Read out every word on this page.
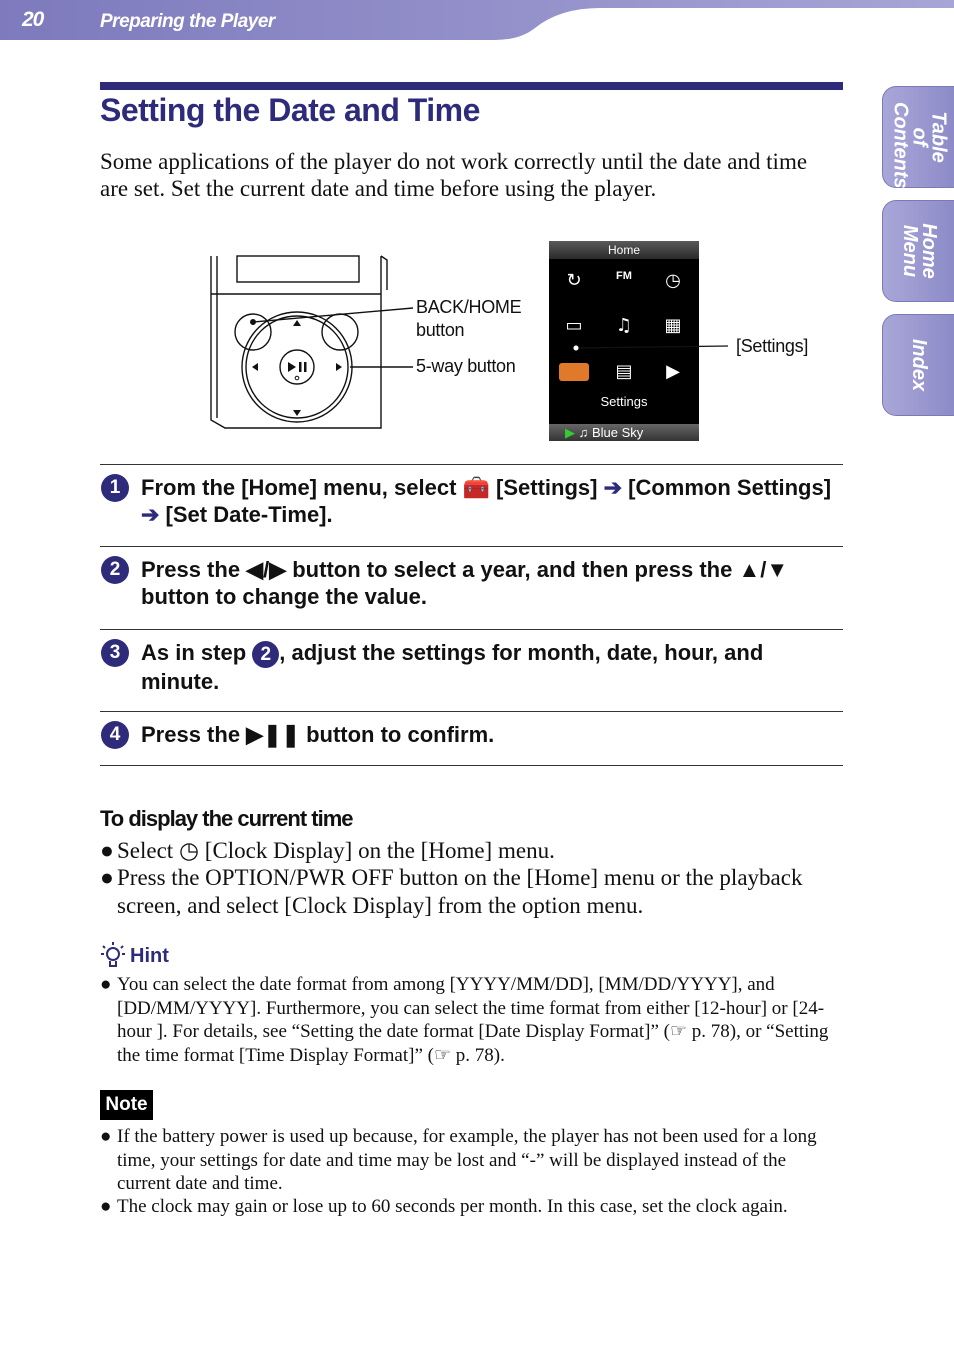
20	Preparing the Player
Table of Contents
Home Menu
Index
Setting the Date and Time
Some applications of the player do not work correctly until the date and time are set. Set the current date and time before using the player.
BACK/HOME
button
5-way button
Home
↻	FM ◷
▭ ♫ ▦
▤ ▶
Settings
▶ ♫ Blue Sky
[Settings]
1 From the [Home] menu, select 🧰 [Settings] ➔ [Common Settings]
➔ [Set Date-Time].
2 Press the ◀/▶ button to select a year, and then press the ▲/▼
button to change the value.
3 As in step 2 , adjust the settings for month, date, hour, and
minute.
4 Press the ▶❚❚ button to confirm.
To display the current time
● Select ◷ [Clock Display] on the [Home] menu.
● Press the OPTION/PWR OFF button on the [Home] menu or the playback screen, and select [Clock Display] from the option menu.
Hint
● You can select the date format from among [YYYY/MM/DD], [MM/DD/YYYY], and [DD/MM/YYYY]. Furthermore, you can select the time format from either [12-hour] or [24-hour ]. For details, see “Setting the date format [Date Display Format]” (☞ p. 78), or “Setting the time format [Time Display Format]” (☞ p. 78).
Note
● If the battery power is used up because, for example, the player has not been used for a long time, your settings for date and time may be lost and “-” will be displayed instead of the current date and time.
● The clock may gain or lose up to 60 seconds per month. In this case, set the clock again.
